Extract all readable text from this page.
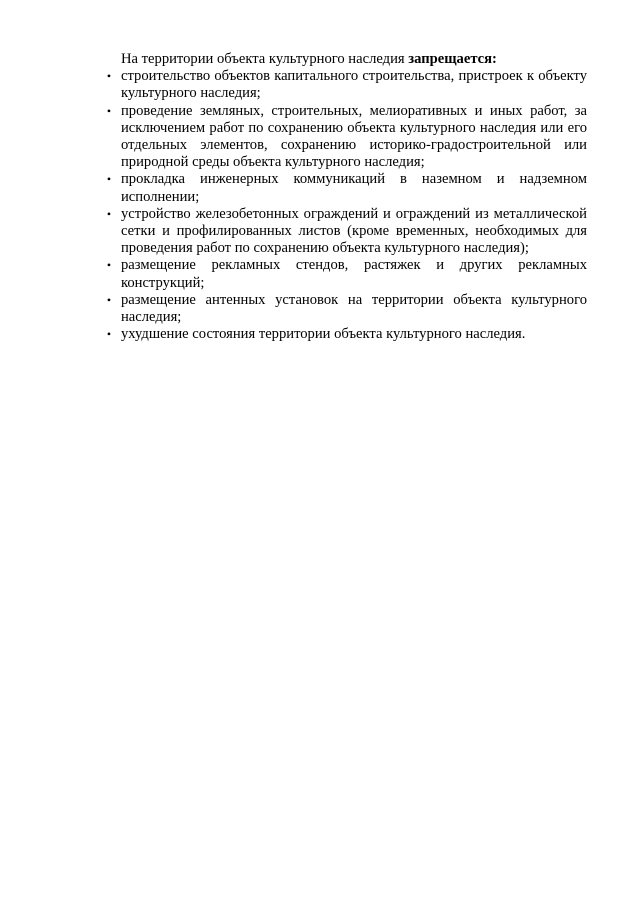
На территории объекта культурного наследия запрещается:

• строительство объектов капитального строительства, пристроек к объекту культурного наследия;
• проведение земляных, строительных, мелиоративных и иных работ, за исключением работ по сохранению объекта культурного наследия или его отдельных элементов, сохранению историко-градостроительной или природной среды объекта культурного наследия;
• прокладка инженерных коммуникаций в наземном и надземном исполнении;
• устройство железобетонных ограждений и ограждений из металлической сетки и профилированных листов (кроме временных, необходимых для проведения работ по сохранению объекта культурного наследия);
• размещение рекламных стендов, растяжек и других рекламных конструкций;
• размещение антенных установок на территории объекта культурного наследия;
• ухудшение состояния территории объекта культурного наследия.
